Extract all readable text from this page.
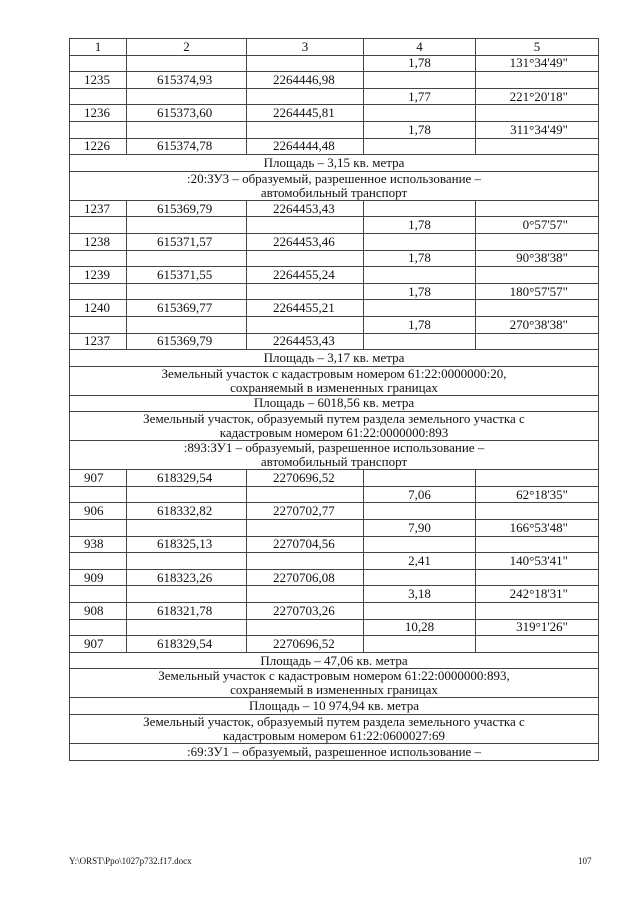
1	2	3	4	5
			1,78	131°34'49"
1235	615374,93	2264446,98		
			1,77	221°20'18"
1236	615373,60	2264445,81		
			1,78	311°34'49"
1226	615374,78	2264444,48		

Площадь – 3,15 кв. метра				

:20:ЗУ3 – образуемый, разрешенное использование –
автомобильный транспорт				

1237	615369,79	2264453,43		
			1,78	0°57'57"
1238	615371,57	2264453,46		
			1,78	90°38'38"
1239	615371,55	2264455,24		
			1,78	180°57'57"
1240	615369,77	2264455,21		
			1,78	270°38'38"
1237	615369,79	2264453,43		

Площадь – 3,17 кв. метра				

Земельный участок с кадастровым номером 61:22:0000000:20,
сохраняемый в измененных границах				

Площадь – 6018,56 кв. метра				

Земельный участок, образуемый путем раздела земельного участка с
кадастровым номером 61:22:0000000:893				

:893:ЗУ1 – образуемый, разрешенное использование –
автомобильный транспорт				

907	618329,54	2270696,52		
			7,06	62°18'35"
906	618332,82	2270702,77		
			7,90	166°53'48"
938	618325,13	2270704,56		
			2,41	140°53'41"
909	618323,26	2270706,08		
			3,18	242°18'31"
908	618321,78	2270703,26		
			10,28	319°1'26"
907	618329,54	2270696,52		

Площадь – 47,06 кв. метра				

Земельный участок с кадастровым номером 61:22:0000000:893,
сохраняемый в измененных границах				

Площадь – 10 974,94 кв. метра				

Земельный участок, образуемый путем раздела земельного участка с
кадастровым номером 61:22:0600027:69				

:69:ЗУ1 – образуемый, разрешенное использование –				
Y:\ORST\Ppo\1027p732.f17.docx	107
